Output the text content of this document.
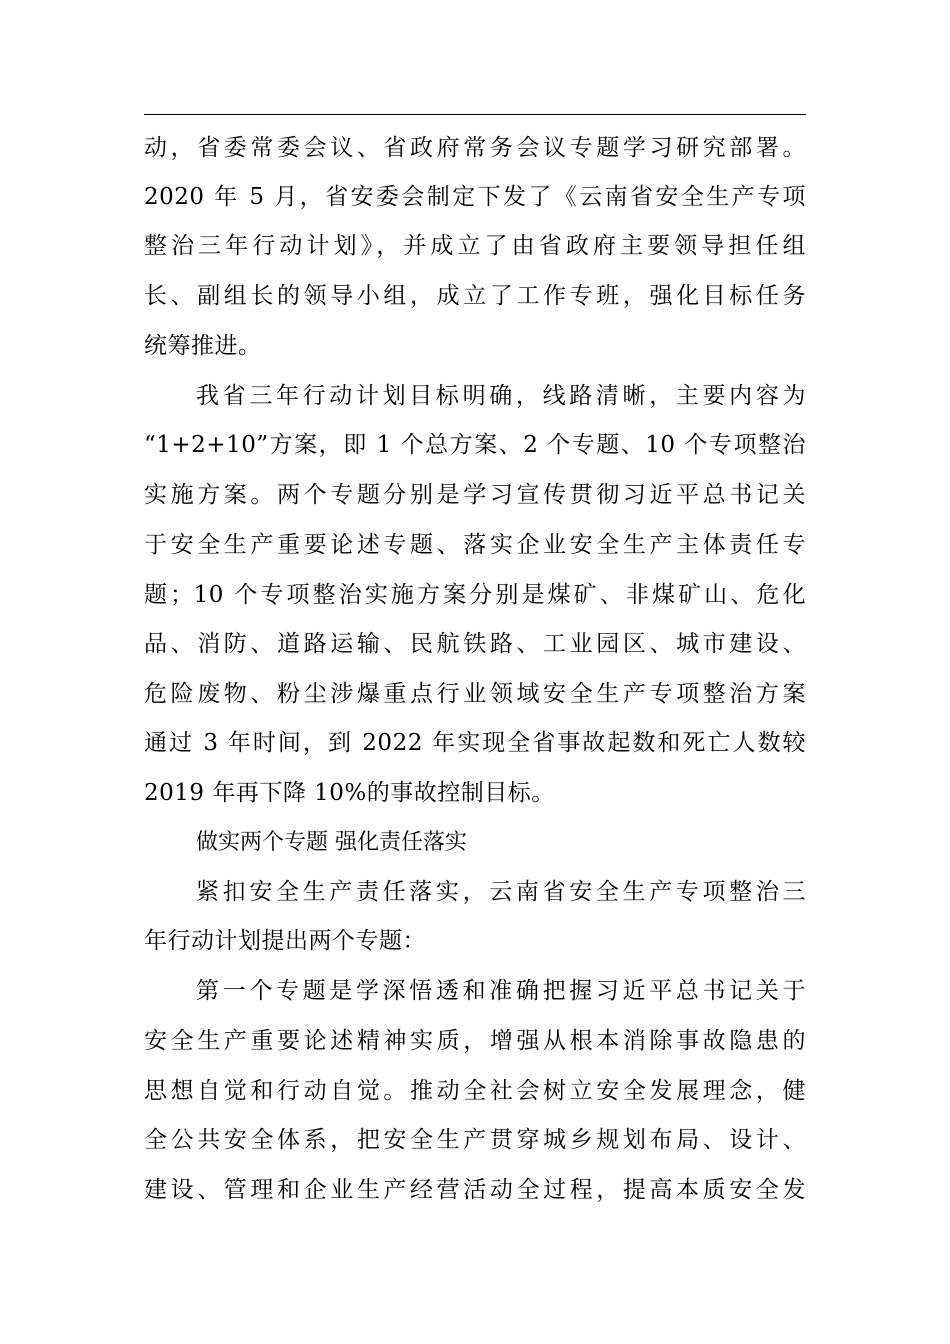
动，省委常委会议、省政府常务会议专题学习研究部署。
2020 年 5 月，省安委会制定下发了《云南省安全生产专项
整治三年行动计划》，并成立了由省政府主要领导担任组
长、副组长的领导小组，成立了工作专班，强化目标任务
统筹推进。
我省三年行动计划目标明确，线路清晰，主要内容为
“1+2+10”方案，即 1 个总方案、2 个专题、10 个专项整治
实施方案。两个专题分别是学习宣传贯彻习近平总书记关
于安全生产重要论述专题、落实企业安全生产主体责任专
题；10 个专项整治实施方案分别是煤矿、非煤矿山、危化
品、消防、道路运输、民航铁路、工业园区、城市建设、
危险废物、粉尘涉爆重点行业领域安全生产专项整治方案
通过 3 年时间，到 2022 年实现全省事故起数和死亡人数较
2019 年再下降 10%的事故控制目标。
做实两个专题 强化责任落实
紧扣安全生产责任落实，云南省安全生产专项整治三
年行动计划提出两个专题：
第一个专题是学深悟透和准确把握习近平总书记关于
安全生产重要论述精神实质，增强从根本消除事故隐患的
思想自觉和行动自觉。推动全社会树立安全发展理念，健
全公共安全体系，把安全生产贯穿城乡规划布局、设计、
建设、管理和企业生产经营活动全过程，提高本质安全发
